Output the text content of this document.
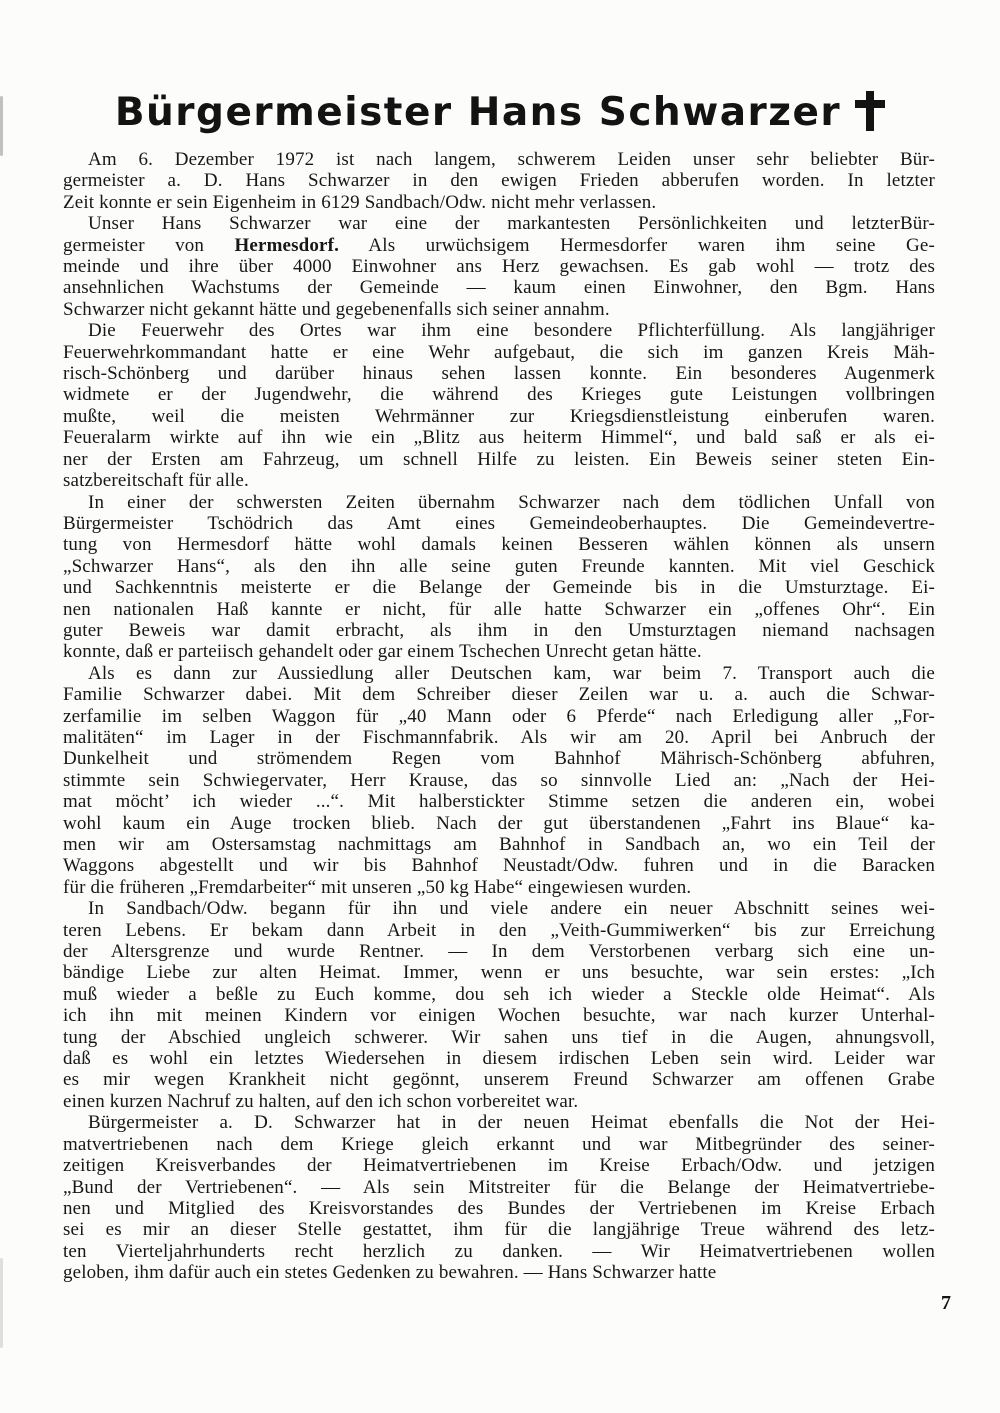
Bürgermeister Hans Schwarzer

Am 6. Dezember 1972 ist nach langem, schwerem Leiden unser sehr beliebter Bür-
germeister a. D. Hans Schwarzer in den ewigen Frieden abberufen worden. In letzter
Zeit konnte er sein Eigenheim in 6129 Sandbach/Odw. nicht mehr verlassen.

Unser Hans Schwarzer war eine der markantesten Persönlichkeiten und letzterBür-
germeister von Hermesdorf. Als urwüchsigem Hermesdorfer waren ihm seine Ge-
meinde und ihre über 4000 Einwohner ans Herz gewachsen. Es gab wohl — trotz des
ansehnlichen Wachstums der Gemeinde — kaum einen Einwohner, den Bgm. Hans
Schwarzer nicht gekannt hätte und gegebenenfalls sich seiner annahm.

Die Feuerwehr des Ortes war ihm eine besondere Pflichterfüllung. Als langjähriger
Feuerwehrkommandant hatte er eine Wehr aufgebaut, die sich im ganzen Kreis Mäh-
risch-Schönberg und darüber hinaus sehen lassen konnte. Ein besonderes Augenmerk
widmete er der Jugendwehr, die während des Krieges gute Leistungen vollbringen
mußte, weil die meisten Wehrmänner zur Kriegsdienstleistung einberufen waren.
Feueralarm wirkte auf ihn wie ein „Blitz aus heiterm Himmel“, und bald saß er als ei-
ner der Ersten am Fahrzeug, um schnell Hilfe zu leisten. Ein Beweis seiner steten Ein-
satzbereitschaft für alle.

In einer der schwersten Zeiten übernahm Schwarzer nach dem tödlichen Unfall von
Bürgermeister Tschödrich das Amt eines Gemeindeoberhauptes. Die Gemeindevertre-
tung von Hermesdorf hätte wohl damals keinen Besseren wählen können als unsern
„Schwarzer Hans“, als den ihn alle seine guten Freunde kannten. Mit viel Geschick
und Sachkenntnis meisterte er die Belange der Gemeinde bis in die Umsturztage. Ei-
nen nationalen Haß kannte er nicht, für alle hatte Schwarzer ein „offenes Ohr“. Ein
guter Beweis war damit erbracht, als ihm in den Umsturztagen niemand nachsagen
konnte, daß er parteiisch gehandelt oder gar einem Tschechen Unrecht getan hätte.

Als es dann zur Aussiedlung aller Deutschen kam, war beim 7. Transport auch die
Familie Schwarzer dabei. Mit dem Schreiber dieser Zeilen war u. a. auch die Schwar-
zerfamilie im selben Waggon für „40 Mann oder 6 Pferde“ nach Erledigung aller „For-
malitäten“ im Lager in der Fischmannfabrik. Als wir am 20. April bei Anbruch der
Dunkelheit und strömendem Regen vom Bahnhof Mährisch-Schönberg abfuhren,
stimmte sein Schwiegervater, Herr Krause, das so sinnvolle Lied an: „Nach der Hei-
mat möcht’ ich wieder ...“. Mit halberstickter Stimme setzen die anderen ein, wobei
wohl kaum ein Auge trocken blieb. Nach der gut überstandenen „Fahrt ins Blaue“ ka-
men wir am Ostersamstag nachmittags am Bahnhof in Sandbach an, wo ein Teil der
Waggons abgestellt und wir bis Bahnhof Neustadt/Odw. fuhren und in die Baracken
für die früheren „Fremdarbeiter“ mit unseren „50 kg Habe“ eingewiesen wurden.

In Sandbach/Odw. begann für ihn und viele andere ein neuer Abschnitt seines wei-
teren Lebens. Er bekam dann Arbeit in den „Veith-Gummiwerken“ bis zur Erreichung
der Altersgrenze und wurde Rentner. — In dem Verstorbenen verbarg sich eine un-
bändige Liebe zur alten Heimat. Immer, wenn er uns besuchte, war sein erstes: „Ich
muß wieder a beßle zu Euch komme, dou seh ich wieder a Steckle olde Heimat“. Als
ich ihn mit meinen Kindern vor einigen Wochen besuchte, war nach kurzer Unterhal-
tung der Abschied ungleich schwerer. Wir sahen uns tief in die Augen, ahnungsvoll,
daß es wohl ein letztes Wiedersehen in diesem irdischen Leben sein wird. Leider war
es mir wegen Krankheit nicht gegönnt, unserem Freund Schwarzer am offenen Grabe
einen kurzen Nachruf zu halten, auf den ich schon vorbereitet war.

Bürgermeister a. D. Schwarzer hat in der neuen Heimat ebenfalls die Not der Hei-
matvertriebenen nach dem Kriege gleich erkannt und war Mitbegründer des seiner-
zeitigen Kreisverbandes der Heimatvertriebenen im Kreise Erbach/Odw. und jetzigen
„Bund der Vertriebenen“. — Als sein Mitstreiter für die Belange der Heimatvertriebe-
nen und Mitglied des Kreisvorstandes des Bundes der Vertriebenen im Kreise Erbach
sei es mir an dieser Stelle gestattet, ihm für die langjährige Treue während des letz-
ten Vierteljahrhunderts recht herzlich zu danken. — Wir Heimatvertriebenen wollen
geloben, ihm dafür auch ein stetes Gedenken zu bewahren. — Hans Schwarzer hatte

7
